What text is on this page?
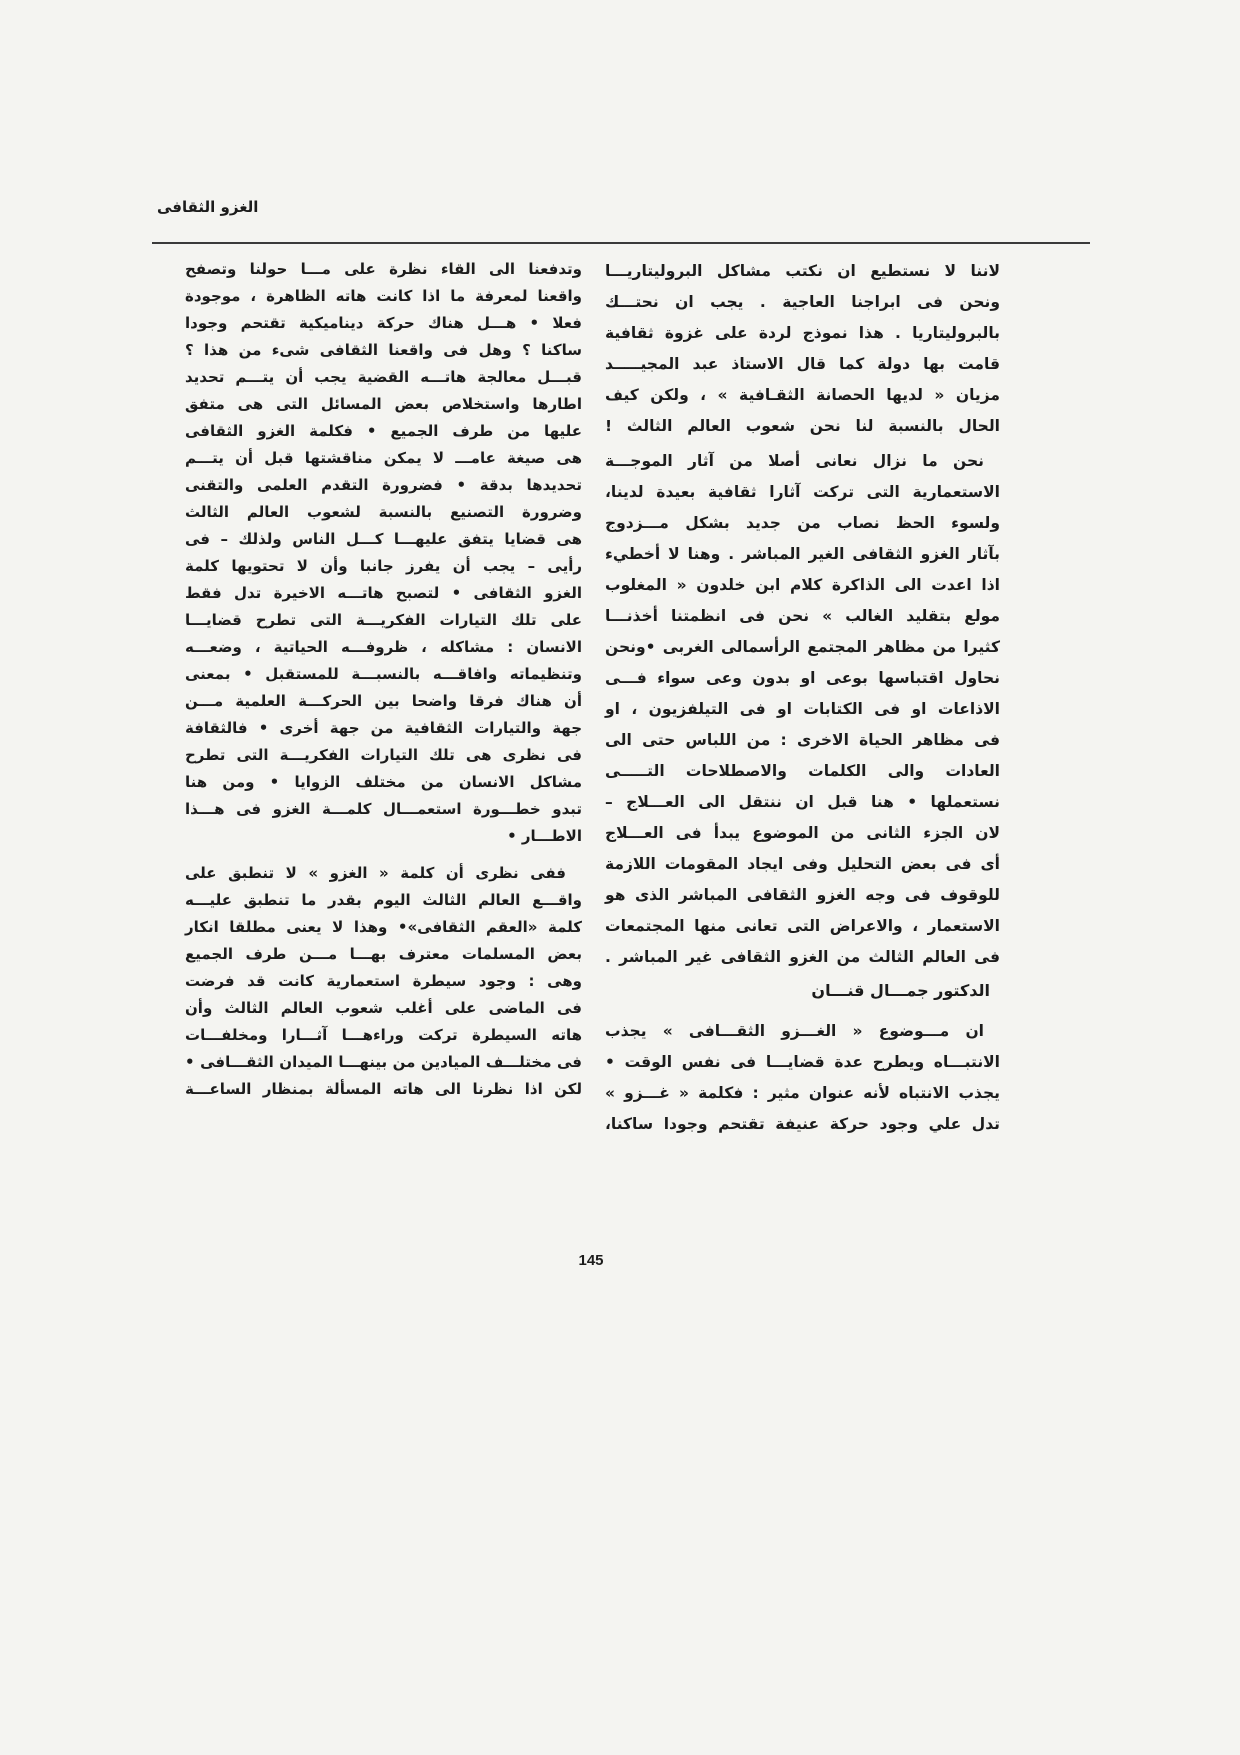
الغزو الثقافى
لاننا لا نستطيع ان نكتب مشاكل البروليتاريـــا
ونحن فى ابراجنا العاجية . يجب ان نحتـــك
بالبروليتاريا . هذا نموذج لردة على غزوة ثقافية
قامت بها دولة كما قال الاستاذ عبد المجيـــــد
مزيان « لديها الحصانة الثقـافية » ، ولكن كيف
الحال بالنسبة لنا نحن شعوب العالم الثالث !
نحن ما نزال نعانى أصلا من آثار الموجـــة
الاستعمارية التى تركت آثارا ثقافية بعيدة لدينا،
ولسوء الحظ نصاب من جديد بشكل مـــزدوج
بآثار الغزو الثقافى الغير المباشر . وهنا لا أخطيء
اذا اعدت الى الذاكرة كلام ابن خلدون « المغلوب
مولع بتقليد الغالب » نحن فى انظمتنا أخذنـــا
كثيرا من مظاهر المجتمع الرأسمالى الغربى •ونحن
نحاول اقتباسها بوعى او بدون وعى سواء فـــى
الاذاعات او فى الكتابات او فى التيلفزيون ، او
فى مظاهر الحياة الاخرى : من اللباس حتى الى
العادات والى الكلمات والاصطلاحات التـــــى
نستعملها • هنا قبل ان ننتقل الى العـــلاج –
لان الجزء الثانى من الموضوع يبدأ فى العـــلاج
أى فى بعض التحليل وفى ايجاد المقومات اللازمة
للوقوف فى وجه الغزو الثقافى المباشر الذى هو
الاستعمار ، والاعراض التى تعانى منها المجتمعات
فى العالم الثالث من الغزو الثقافى غير المباشر .
الدكتور جمـــال قنـــان
ان مـــوضوع « الغـــزو الثقـــافى » يجذب
الانتبـــاه ويطرح عدة قضايـــا فى نفس الوقت •
يجذب الانتباه لأنه عنوان مثير : فكلمة « غـــزو »
تدل علي وجود حركة عنيفة تقتحم وجودا ساكنا،
وتدفعنا الى القاء نظرة على مـــا حولنا وتصفح
واقعنا لمعرفة ما اذا كانت هاته الظاهرة ، موجودة
فعلا • هـــل هناك حركة ديناميكية تقتحم وجودا
ساكنا ؟ وهل فى واقعنا الثقافى شىء من هذا ؟
قبـــل معالجة هاتـــه القضية يجب أن يتـــم تحديد
اطارها واستخلاص بعض المسائل التى هى متفق
عليها من طرف الجميع • فكلمة الغزو الثقافى
هى صيغة عامـــ لا يمكن مناقشتها قبل أن يتـــم
تحديدها بدقة • فضرورة التقدم العلمى والتقنى
وضرورة التصنيع بالنسبة لشعوب العالم الثالث
هى قضايا يتفق عليهـــا كـــل الناس ولذلك – فى
رأيى – يجب أن يفرز جانبا وأن لا تحتويها كلمة
الغزو الثقافى • لتصبح هاتـــه الاخيرة تدل فقط
على تلك التيارات الفكريـــة التى تطرح قضايـــا
الانسان : مشاكله ، ظروفـــه الحياتية ، وضعـــه
وتنظيماته وافاقـــه بالنسبـــة للمستقبل • بمعنى
أن هناك فرقا واضحا بين الحركـــة العلمية مـــن
جهة والتيارات الثقافية من جهة أخرى • فالثقافة
فى نظرى هى تلك التيارات الفكريـــة التى تطرح
مشاكل الانسان من مختلف الزوايا • ومن هنا
تبدو خطـــورة استعمـــال كلمـــة الغزو فى هـــذا
الاطـــار •
ففى نظرى أن كلمة « الغزو » لا تنطبق على
واقـــع العالم الثالث اليوم بقدر ما تنطبق عليـــه
كلمة «العقم الثقافى»• وهذا لا يعنى مطلقا انكار
بعض المسلمات معترف بهـــا مـــن طرف الجميع
وهى : وجود سيطرة استعمارية كانت قد فرضت
فى الماضى على أغلب شعوب العالم الثالث وأن
هاته السيطرة تركت وراءهـــا آثـــارا ومخلفـــات
فى مختلـــف الميادين من بينهـــا الميدان الثقـــافى •
لكن اذا نظرنا الى هاته المسألة بمنظار الساعـــة
145
